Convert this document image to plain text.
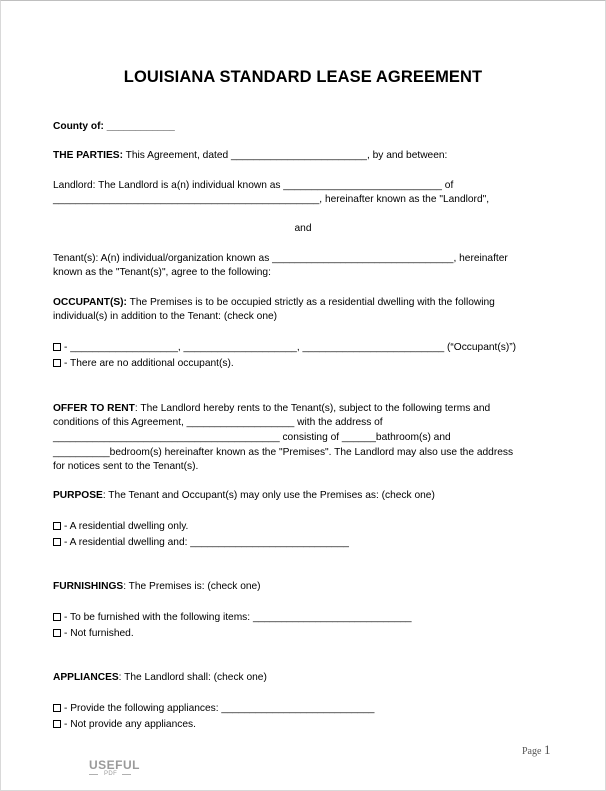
LOUISIANA STANDARD LEASE AGREEMENT
County of: ____________
THE PARTIES: This Agreement, dated ________________________, by and between:
Landlord: The Landlord is a(n) individual known as ____________________________ of
_______________________________________________, hereinafter known as the "Landlord",
and
Tenant(s): A(n) individual/organization known as ________________________________, hereinafter
known as the "Tenant(s)", agree to the following:
OCCUPANT(S): The Premises is to be occupied strictly as a residential dwelling with the following
individual(s) in addition to the Tenant: (check one)
- ___________________, ____________________, _________________________ (“Occupant(s)”)
- There are no additional occupant(s).
OFFER TO RENT: The Landlord hereby rents to the Tenant(s), subject to the following terms and
conditions of this Agreement, ___________________ with the address of
________________________________________ consisting of ______bathroom(s) and
__________bedroom(s) hereinafter known as the "Premises". The Landlord may also use the address
for notices sent to the Tenant(s).
PURPOSE: The Tenant and Occupant(s) may only use the Premises as: (check one)
- A residential dwelling only.
- A residential dwelling and: ____________________________
FURNISHINGS: The Premises is: (check one)
- To be furnished with the following items: ____________________________
- Not furnished.
APPLIANCES: The Landlord shall: (check one)
- Provide the following appliances: ___________________________
- Not provide any appliances.
Page 1
USEFUL
PDF
